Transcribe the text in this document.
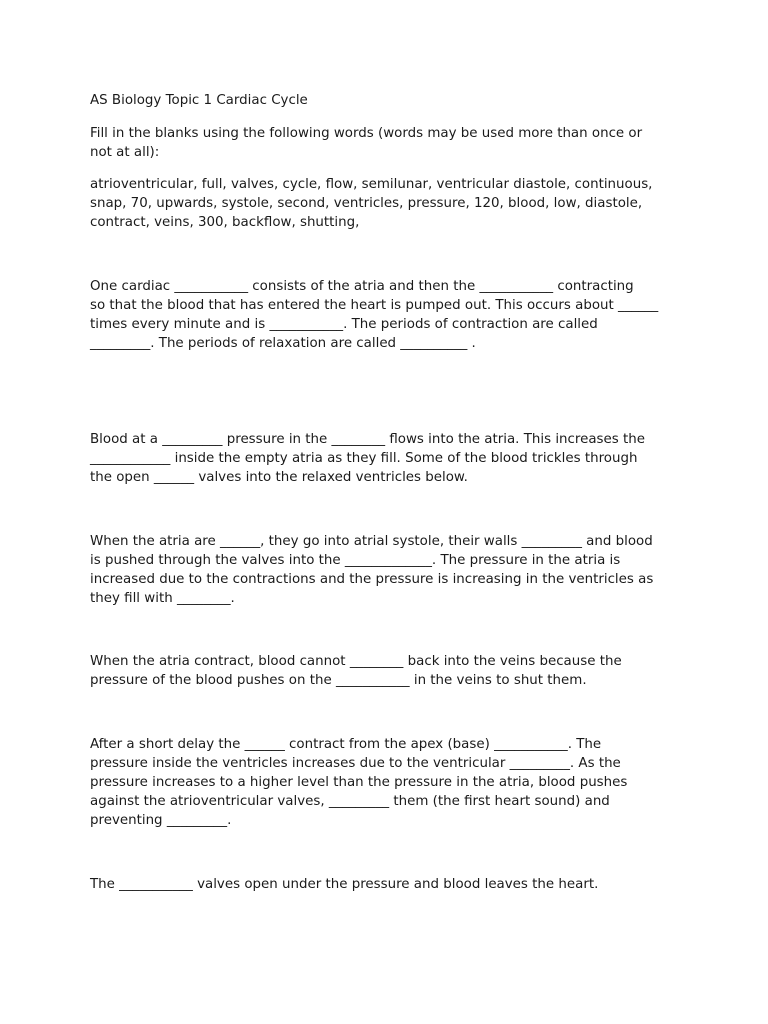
AS Biology Topic 1 Cardiac Cycle
Fill in the blanks using the following words (words may be used more than once or
not at all):
atrioventricular, full, valves, cycle, flow, semilunar, ventricular diastole, continuous,
snap, 70, upwards, systole, second, ventricles, pressure, 120, blood, low, diastole,
contract, veins, 300, backflow, shutting,
One cardiac ___________ consists of the atria and then the ___________ contracting
so that the blood that has entered the heart is pumped out. This occurs about ______
times every minute and is ___________. The periods of contraction are called
_________. The periods of relaxation are called __________ .
Blood at a _________ pressure in the ________ flows into the atria. This increases the
____________ inside the empty atria as they fill. Some of the blood trickles through
the open ______ valves into the relaxed ventricles below.
When the atria are ______, they go into atrial systole, their walls _________ and blood
is pushed through the valves into the _____________. The pressure in the atria is
increased due to the contractions and the pressure is increasing in the ventricles as
they fill with ________.
When the atria contract, blood cannot ________ back into the veins because the
pressure of the blood pushes on the ___________ in the veins to shut them.
After a short delay the ______ contract from the apex (base) ___________. The
pressure inside the ventricles increases due to the ventricular _________. As the
pressure increases to a higher level than the pressure in the atria, blood pushes
against the atrioventricular valves, _________ them (the first heart sound) and
preventing _________.
The ___________ valves open under the pressure and blood leaves the heart.
